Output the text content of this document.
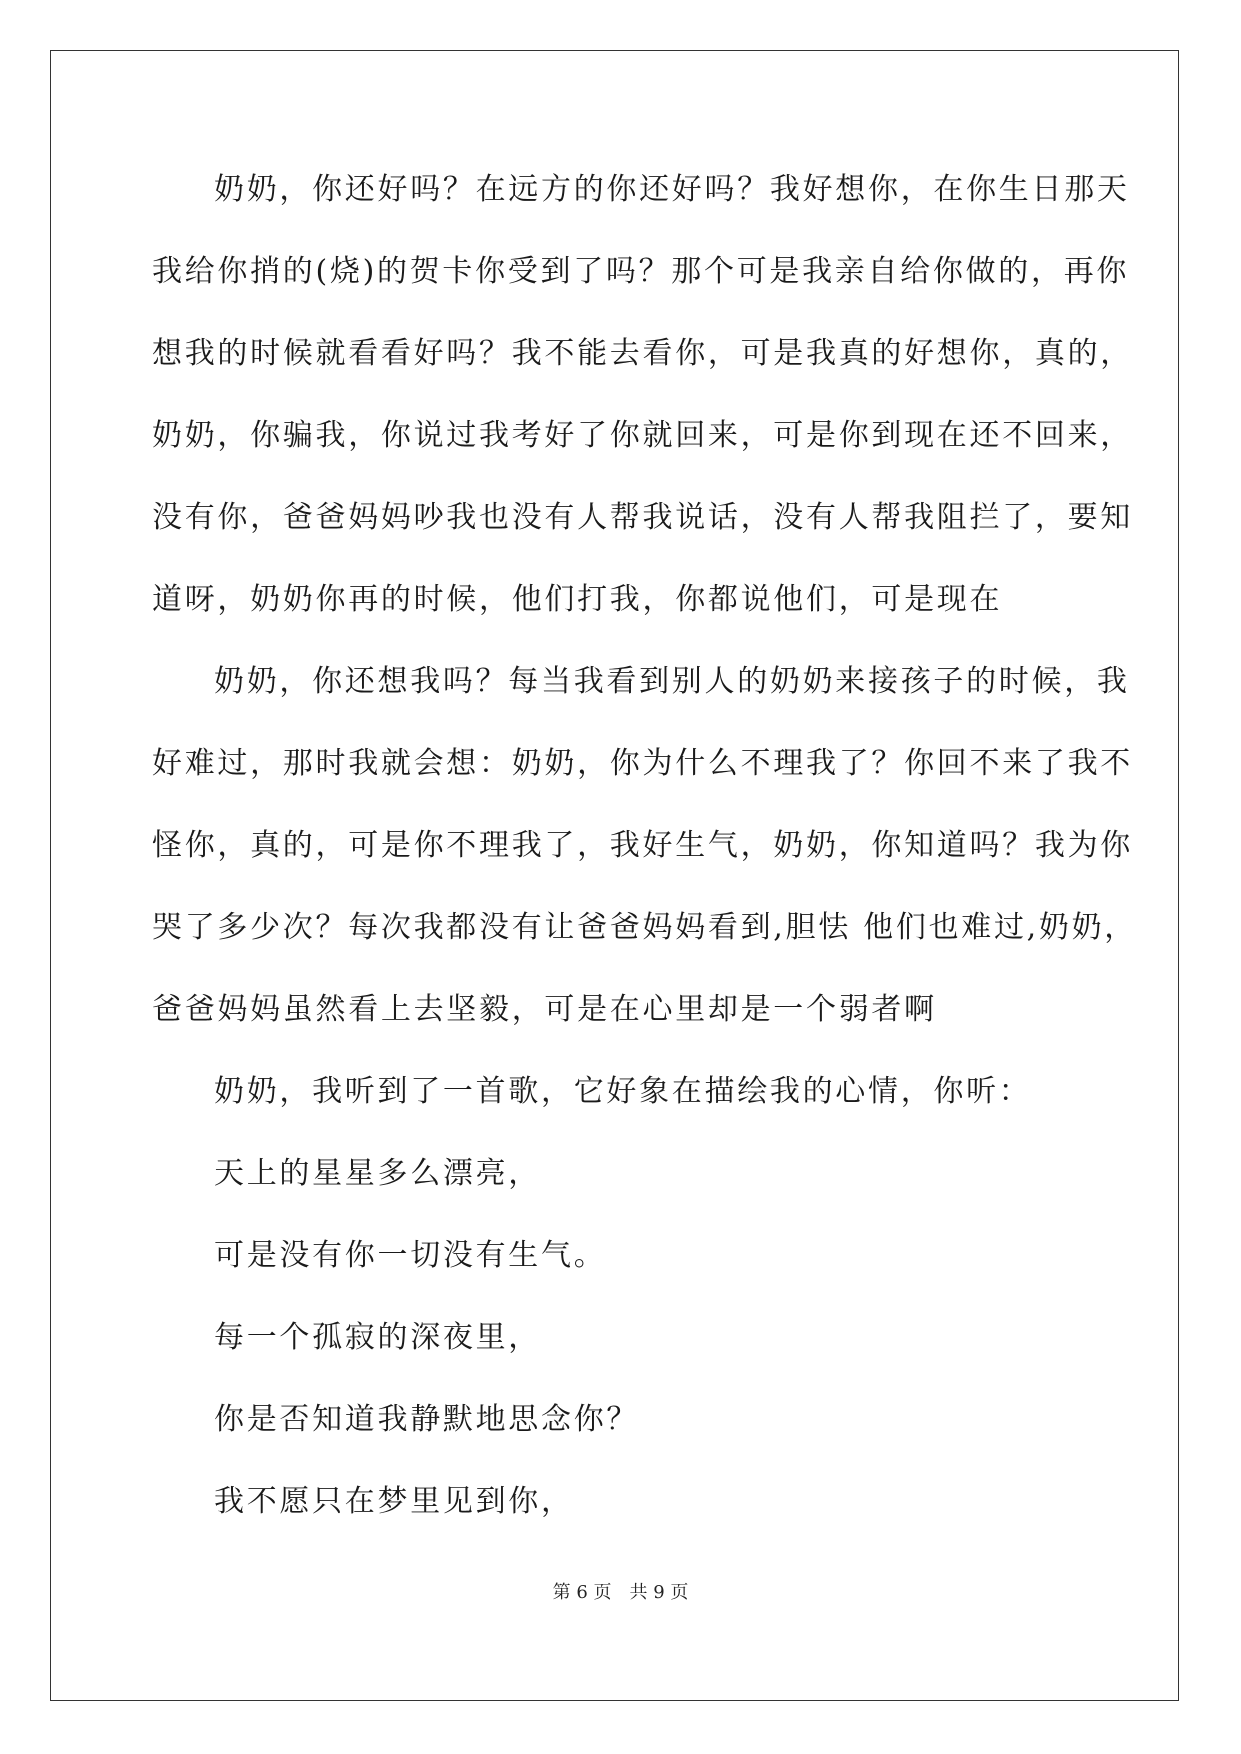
奶奶，你还好吗？在远方的你还好吗？我好想你，在你生日那天
我给你捎的(烧)的贺卡你受到了吗？那个可是我亲自给你做的，再你
想我的时候就看看好吗？我不能去看你，可是我真的好想你，真的，
奶奶，你骗我，你说过我考好了你就回来，可是你到现在还不回来，
没有你，爸爸妈妈吵我也没有人帮我说话，没有人帮我阻拦了，要知
道呀，奶奶你再的时候，他们打我，你都说他们，可是现在
奶奶，你还想我吗？每当我看到别人的奶奶来接孩子的时候，我
好难过，那时我就会想：奶奶，你为什么不理我了？你回不来了我不
怪你，真的，可是你不理我了，我好生气，奶奶，你知道吗？我为你
哭了多少次？每次我都没有让爸爸妈妈看到,胆怯 他们也难过,奶奶，
爸爸妈妈虽然看上去坚毅，可是在心里却是一个弱者啊
奶奶，我听到了一首歌，它好象在描绘我的心情，你听：
天上的星星多么漂亮，
可是没有你一切没有生气。
每一个孤寂的深夜里，
你是否知道我静默地思念你？
我不愿只在梦里见到你，
第 6 页　共 9 页
